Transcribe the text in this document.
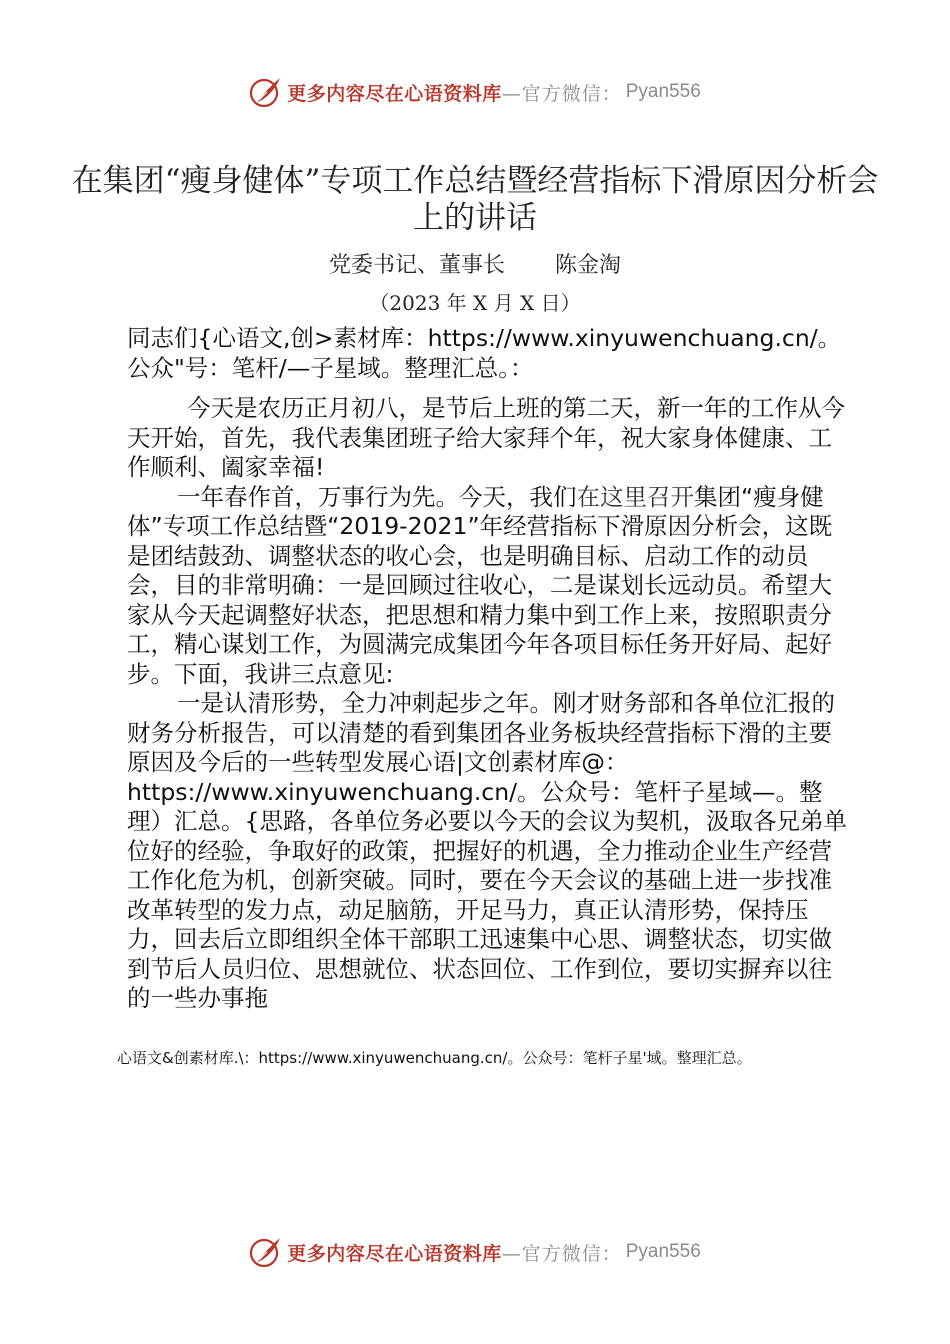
更多内容尽在心语资料库 —官方微信： Pyan556
在集团“瘦身健体”专项工作总结暨经营指标下滑原因分析会上的讲话
党委书记、董事长 陈金淘
（2023 年 X 月 X 日）

同志们{心语文,创>素材库：https://www.xinyuwenchuang.cn/。公众"号：笔杆/—子星域。整理汇总。：

今天是农历正月初八，是节后上班的第二天，新一年的工作从今天开始，首先，我代表集团班子给大家拜个年，祝大家身体健康、工作顺利、阖家幸福!

一年春作首，万事行为先。今天，我们在这里召开集团“瘦身健体”专项工作总结暨“2019-2021”年经营指标下滑原因分析会，这既是团结鼓劲、调整状态的收心会，也是明确目标、启动工作的动员会，目的非常明确：一是回顾过往收心，二是谋划长远动员。希望大家从今天起调整好状态，把思想和精力集中到工作上来，按照职责分工，精心谋划工作，为圆满完成集团今年各项目标任务开好局、起好步。下面，我讲三点意见:

一是认清形势，全力冲刺起步之年。刚才财务部和各单位汇报的财务分析报告，可以清楚的看到集团各业务板块经营指标下滑的主要原因及今后的一些转型发展心语|文创素材库@：https://www.xinyuwenchuang.cn/。公众号：笔杆子星域—。整理）汇总。{思路，各单位务必要以今天的会议为契机，汲取各兄弟单位好的经验，争取好的政策，把握好的机遇，全力推动企业生产经营工作化危为机，创新突破。同时，要在今天会议的基础上进一步找准改革转型的发力点，动足脑筋，开足马力，真正认清形势，保持压力，回去后立即组织全体干部职工迅速集中心思、调整状态，切实做到节后人员归位、思想就位、状态回位、工作到位，要切实摒弃以往的一些办事拖

心语文&创素材库.\：https://www.xinyuwenchuang.cn/。公众号：笔杆子星'域。整理汇总。
更多内容尽在心语资料库 —官方微信： Pyan556
